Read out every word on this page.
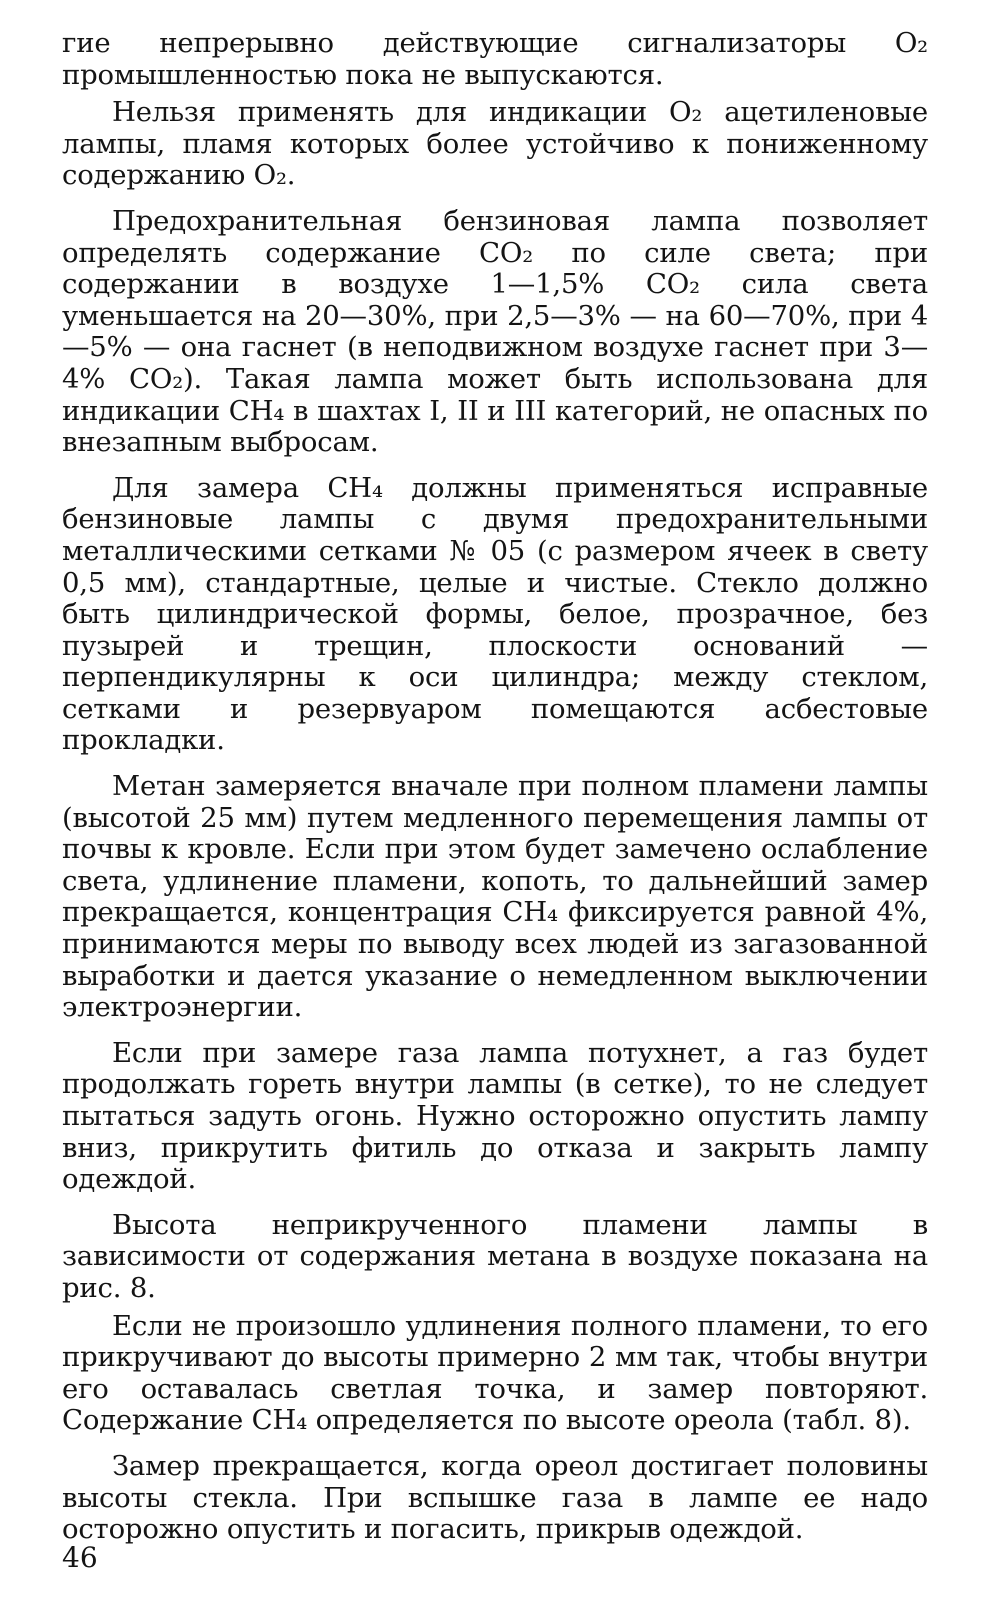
гие непрерывно действующие сигнализаторы O₂ промышленностью пока не выпускаются.

Нельзя применять для индикации O₂ ацетиленовые лампы, пламя которых более устойчиво к пониженному содержанию O₂.

Предохранительная бензиновая лампа позволяет определять содержание CO₂ по силе света; при содержании в воздухе 1—1,5% CO₂ сила света уменьшается на 20—30%, при 2,5—3% — на 60—70%, при 4—5% — она гаснет (в неподвижном воздухе гаснет при 3—4% CO₂). Такая лампа может быть использована для индикации CH₄ в шахтах I, II и III категорий, не опасных по внезапным выбросам.

Для замера CH₄ должны применяться исправные бензиновые лампы с двумя предохранительными металлическими сетками № 05 (с размером ячеек в свету 0,5 мм), стандартные, целые и чистые. Стекло должно быть цилиндрической формы, белое, прозрачное, без пузырей и трещин, плоскости оснований — перпендикулярны к оси цилиндра; между стеклом, сетками и резервуаром помещаются асбестовые прокладки.

Метан замеряется вначале при полном пламени лампы (высотой 25 мм) путем медленного перемещения лампы от почвы к кровле. Если при этом будет замечено ослабление света, удлинение пламени, копоть, то дальнейший замер прекращается, концентрация CH₄ фиксируется равной 4%, принимаются меры по выводу всех людей из загазованной выработки и дается указание о немедленном выключении электроэнергии.

Если при замере газа лампа потухнет, а газ будет продолжать гореть внутри лампы (в сетке), то не следует пытаться задуть огонь. Нужно осторожно опустить лампу вниз, прикрутить фитиль до отказа и закрыть лампу одеждой.

Высота неприкрученного пламени лампы в зависимости от содержания метана в воздухе показана на рис. 8.

Если не произошло удлинения полного пламени, то его прикручивают до высоты примерно 2 мм так, чтобы внутри его оставалась светлая точка, и замер повторяют. Содержание CH₄ определяется по высоте ореола (табл. 8).

Замер прекращается, когда ореол достигает половины высоты стекла. При вспышке газа в лампе ее надо осторожно опустить и погасить, прикрыв одеждой.

46
